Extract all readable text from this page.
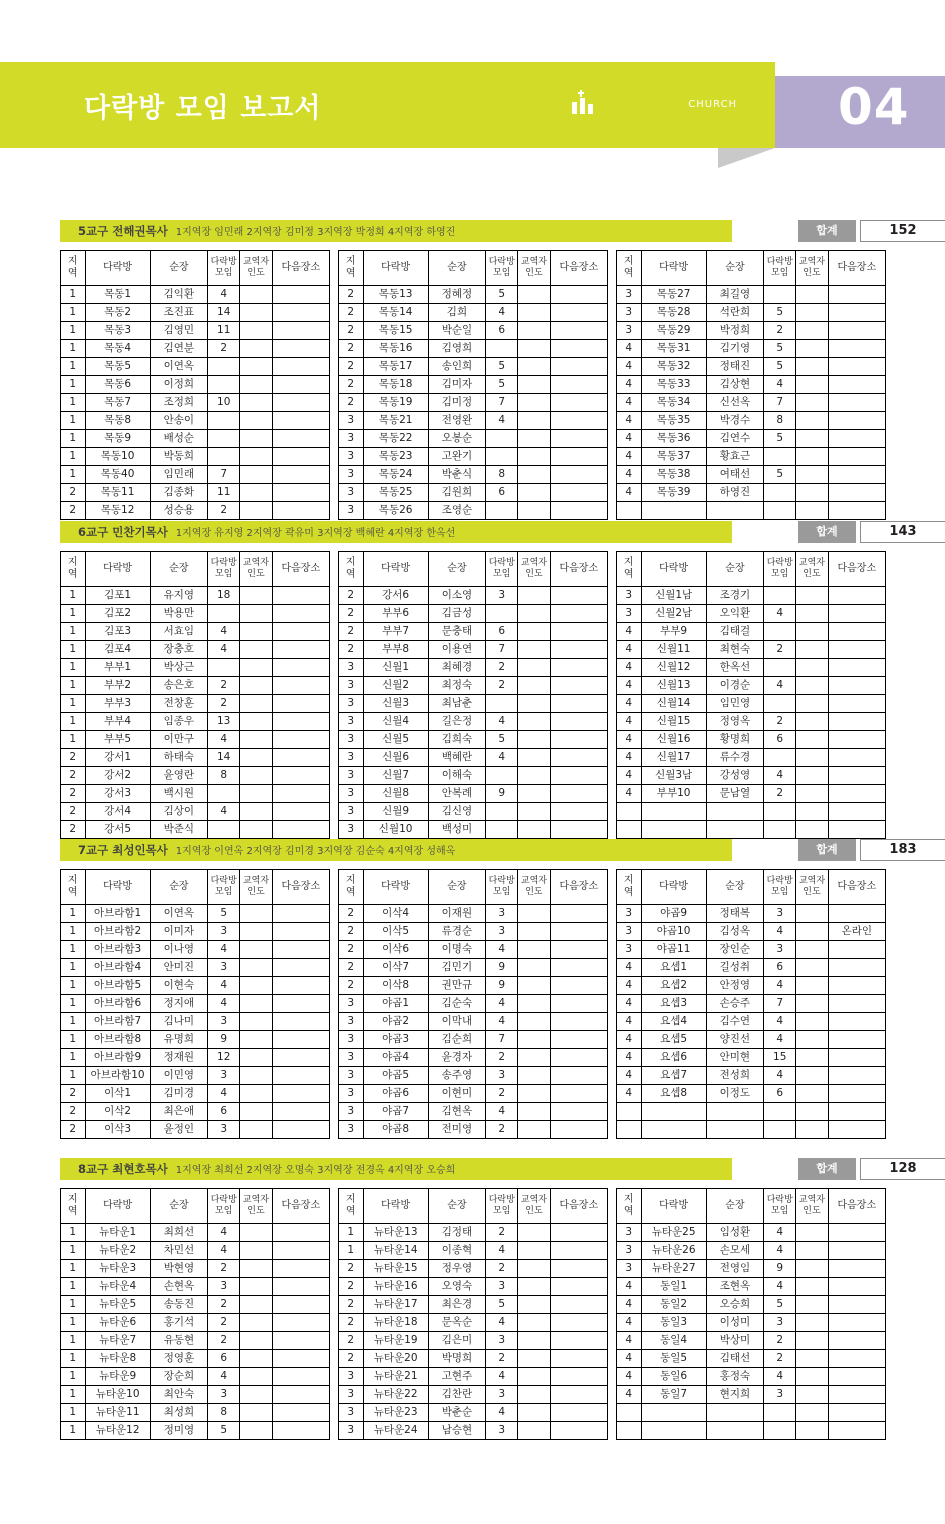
다락방 모임 보고서	HANSUNG CHURCH 04
5교구 전해권목사 1지역장 임민래 2지역장 김미정 3지역장 박정희 4지역장 하영진	합계	152
지
역	다락방	순장	다락방
모임	교역자
인도	다음장소
1	목동1	김익환	4		
1	목동2	조진표	14		
1	목동3	김영민	11		
1	목동4	김연분	2		
1	목동5	이연옥			
1	목동6	이정희			
1	목동7	조정희	10		
1	목동8	안송이			
1	목동9	배성순			
1	목동10	박동희			
1	목동40	임민래	7		
2	목동11	김종화	11		
2	목동12	성승용	2		
지
역	다락방	순장	다락방
모임	교역자
인도	다음장소
2	목동13	정혜정	5		
2	목동14	김희	4		
2	목동15	박순일	6		
2	목동16	김영희			
2	목동17	송인희	5		
2	목동18	김미자	5		
2	목동19	김미정	7		
3	목동21	전영완	4		
3	목동22	오봉순			
3	목동23	고완기			
3	목동24	박춘식	8		
3	목동25	김원희	6		
3	목동26	조영순			
지
역	다락방	순장	다락방
모임	교역자
인도	다음장소
3	목동27	최길영			
3	목동28	석란희	5		
3	목동29	박정희	2		
4	목동31	김기영	5		
4	목동32	정태진	5		
4	목동33	김상현	4		
4	목동34	신선옥	7		
4	목동35	박경수	8		
4	목동36	김연수	5		
4	목동37	황효근			
4	목동38	여태선	5		
4	목동39	하영진			

6교구 민찬기목사 1지역장 유지영 2지역장 곽유미 3지역장 백혜란 4지역장 한옥선	합계	143
지
역	다락방	순장	다락방
모임	교역자
인도	다음장소
1	김포1	유지영	18		
1	김포2	박용만			
1	김포3	서효임	4		
1	김포4	장충호	4		
1	부부1	박상근			
1	부부2	송은호	2		
1	부부3	전창훈	2		
1	부부4	임종우	13		
1	부부5	이만구	4		
2	강서1	하태숙	14		
2	강서2	윤영란	8		
2	강서3	백시원			
2	강서4	김상이	4		
2	강서5	박준식			
지
역	다락방	순장	다락방
모임	교역자
인도	다음장소
2	강서6	이소영	3		
2	부부6	김금성			
2	부부7	문충태	6		
2	부부8	이용연	7		
3	신월1	최혜경	2		
3	신월2	최정숙	2		
3	신월3	최남춘			
3	신월4	길은정	4		
3	신월5	김희숙	5		
3	신월6	백혜란	4		
3	신월7	이해숙			
3	신월8	안복례	9		
3	신월9	김신영			
3	신월10	백성미			
지
역	다락방	순장	다락방
모임	교역자
인도	다음장소
3	신월1남	조경기			
3	신월2남	오익환	4		
4	부부9	김태걸			
4	신월11	최현숙	2		
4	신월12	한옥선			
4	신월13	이경순	4		
4	신월14	임민영			
4	신월15	정영옥	2		
4	신월16	황명희	6		
4	신월17	류수경			
4	신월3남	강성영	4		
4	부부10	문남열	2		

7교구 최성인목사 1지역장 이연옥 2지역장 김미경 3지역장 김순숙 4지역장 성해옥	합계	183
지
역	다락방	순장	다락방
모임	교역자
인도	다음장소
1	아브라함1	이연옥	5		
1	아브라함2	이미자	3		
1	아브라함3	이나영	4		
1	아브라함4	안미진	3		
1	아브라함5	이현숙	4		
1	아브라함6	정지애	4		
1	아브라함7	김나미	3		
1	아브라함8	유명희	9		
1	아브라함9	정재원	12		
1	아브라함10	이민영	3		
2	이삭1	김미경	4		
2	이삭2	최은애	6		
2	이삭3	윤정인	3		
지
역	다락방	순장	다락방
모임	교역자
인도	다음장소
2	이삭4	이재원	3		
2	이삭5	류경순	3		
2	이삭6	이명숙	4		
2	이삭7	김민기	9		
2	이삭8	권만규	9		
3	야곱1	김순숙	4		
3	야곱2	이막내	4		
3	야곱3	김순희	7		
3	야곱4	윤경자	2		
3	야곱5	송주영	3		
3	야곱6	이현미	2		
3	야곱7	김현옥	4		
3	야곱8	전미영	2		
지
역	다락방	순장	다락방
모임	교역자
인도	다음장소
3	야곱9	정태복	3		
3	야곱10	김성옥	4		온라인
3	야곱11	장인순	3		
4	요셉1	길성취	6		
4	요셉2	안정영	4		
4	요셉3	손승주	7		
4	요셉4	김수연	4		
4	요셉5	양진선	4		
4	요셉6	안미현	15		
4	요셉7	전성희	4		
4	요셉8	이정도	6		

8교구 최현호목사 1지역장 최희선 2지역장 오명숙 3지역장 전경옥 4지역장 오승희	합계	128
지
역	다락방	순장	다락방
모임	교역자
인도	다음장소
1	뉴타운1	최희선	4		
1	뉴타운2	차민선	4		
1	뉴타운3	박현영	2		
1	뉴타운4	손현옥	3		
1	뉴타운5	송동진	2		
1	뉴타운6	홍기석	2		
1	뉴타운7	유동현	2		
1	뉴타운8	정영훈	6		
1	뉴타운9	장순희	4		
1	뉴타운10	최안숙	3		
1	뉴타운11	최성희	8		
1	뉴타운12	정미영	5		
지
역	다락방	순장	다락방
모임	교역자
인도	다음장소
1	뉴타운13	김정태	2		
1	뉴타운14	이종혁	4		
2	뉴타운15	정우영	2		
2	뉴타운16	오영숙	3		
2	뉴타운17	최은경	5		
2	뉴타운18	문옥순	4		
2	뉴타운19	김은미	3		
2	뉴타운20	박명희	2		
3	뉴타운21	고현주	4		
3	뉴타운22	김찬란	3		
3	뉴타운23	박춘순	4		
3	뉴타운24	남승현	3		
지
역	다락방	순장	다락방
모임	교역자
인도	다음장소
3	뉴타운25	임성환	4		
3	뉴타운26	손모세	4		
3	뉴타운27	전영임	9		
4	동일1	조현옥	4		
4	동일2	오승희	5		
4	동일3	이성미	3		
4	동일4	박상미	2		
4	동일5	김태선	2		
4	동일6	홍정숙	4		
4	동일7	현지희	3		
